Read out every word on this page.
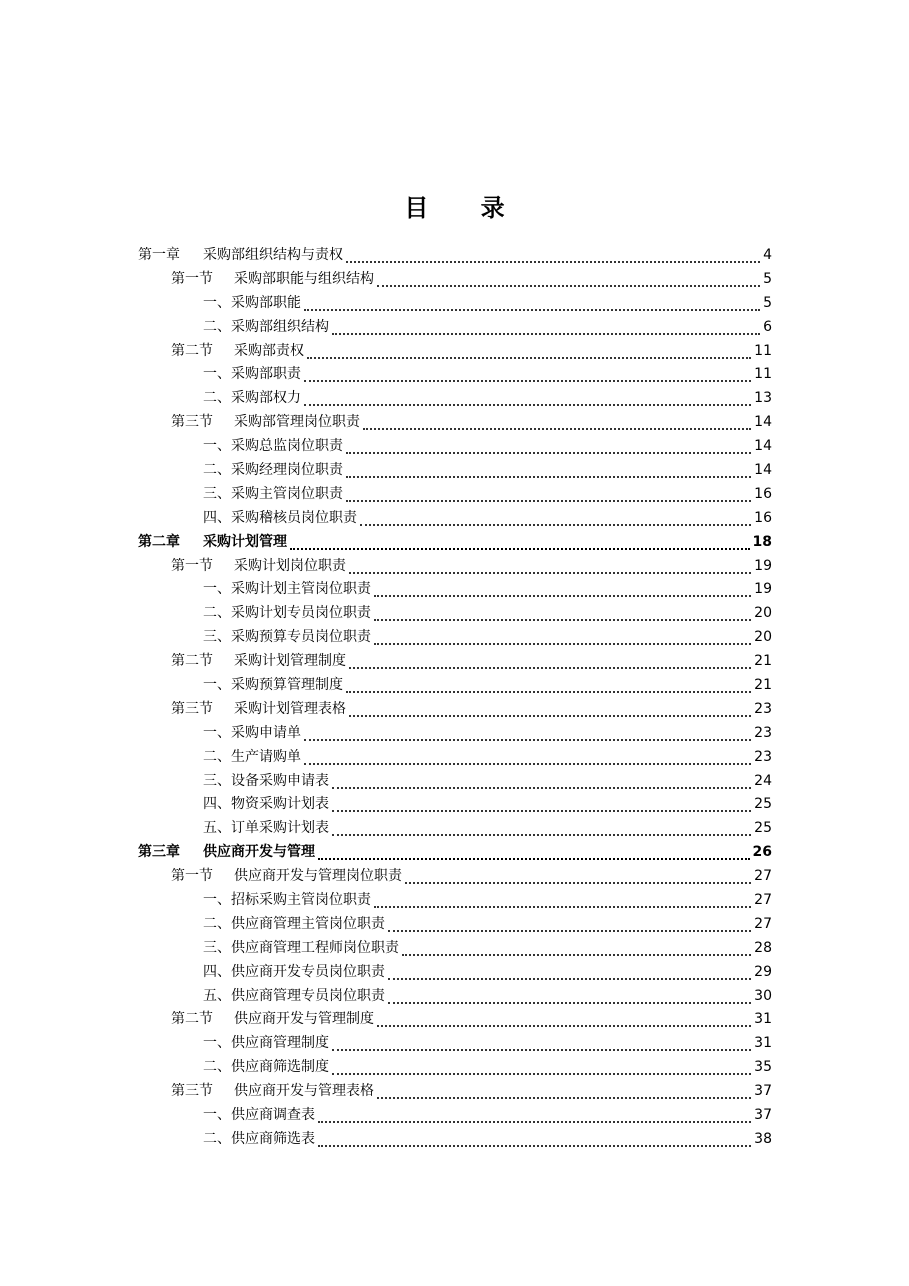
目 录
第一章	采购部组织结构与责权	4
第一节	采购部职能与组织结构	5
一、采购部职能	5
二、采购部组织结构	6
第二节	采购部责权	11
一、采购部职责	11
二、采购部权力	13
第三节	采购部管理岗位职责	14
一、采购总监岗位职责	14
二、采购经理岗位职责	14
三、采购主管岗位职责	16
四、采购稽核员岗位职责	16
第二章	采购计划管理	18
第一节	采购计划岗位职责	19
一、采购计划主管岗位职责	19
二、采购计划专员岗位职责	20
三、采购预算专员岗位职责	20
第二节	采购计划管理制度	21
一、采购预算管理制度	21
第三节	采购计划管理表格	23
一、采购申请单	23
二、生产请购单	23
三、设备采购申请表	24
四、物资采购计划表	25
五、订单采购计划表	25
第三章	供应商开发与管理	26
第一节	供应商开发与管理岗位职责	27
一、招标采购主管岗位职责	27
二、供应商管理主管岗位职责	27
三、供应商管理工程师岗位职责	28
四、供应商开发专员岗位职责	29
五、供应商管理专员岗位职责	30
第二节	供应商开发与管理制度	31
一、供应商管理制度	31
二、供应商筛选制度	35
第三节	供应商开发与管理表格	37
一、供应商调查表	37
二、供应商筛选表	38
